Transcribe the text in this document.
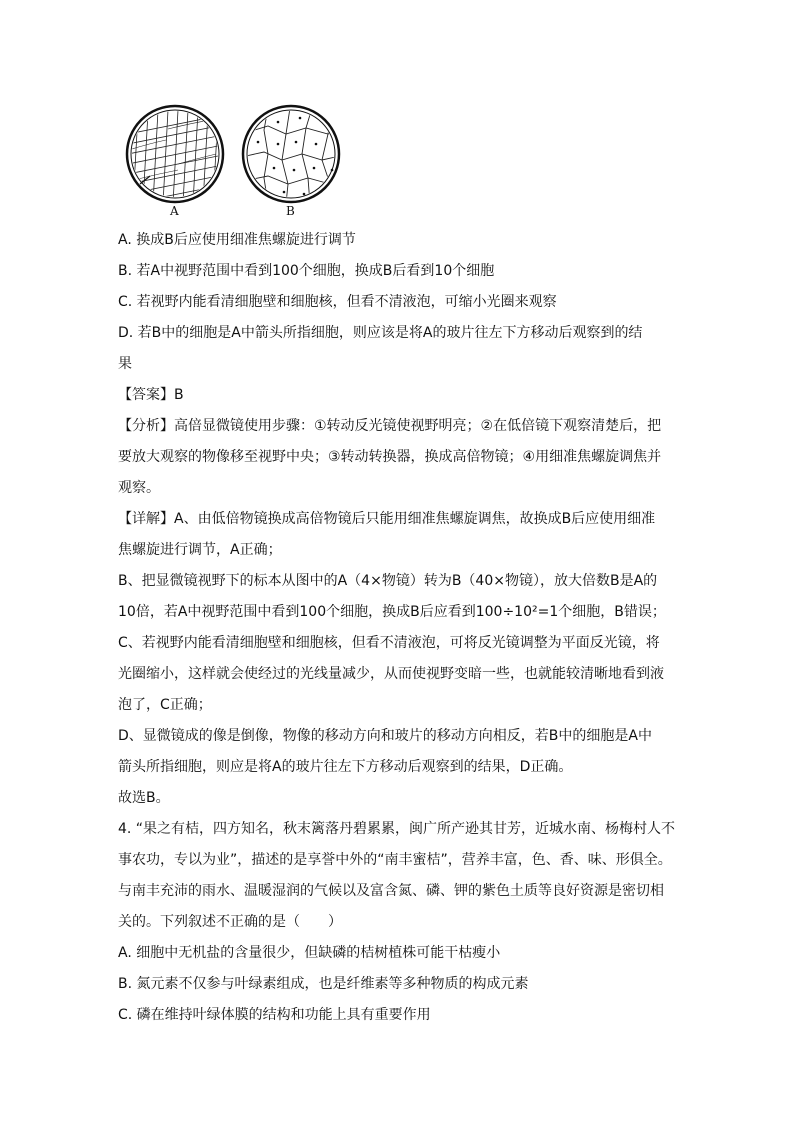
A	B
A. 换成B后应使用细准焦螺旋进行调节
B. 若A中视野范围中看到100个细胞，换成B后看到10个细胞
C. 若视野内能看清细胞壁和细胞核，但看不清液泡，可缩小光圈来观察
D. 若B中的细胞是A中箭头所指细胞，则应该是将A的玻片往左下方移动后观察到的结
果
【答案】B
【分析】高倍显微镜使用步骤：①转动反光镜使视野明亮；②在低倍镜下观察清楚后，把
要放大观察的物像移至视野中央；③转动转换器，换成高倍物镜；④用细准焦螺旋调焦并
观察。
【详解】A、由低倍物镜换成高倍物镜后只能用细准焦螺旋调焦，故换成B后应使用细准
焦螺旋进行调节，A正确；
B、把显微镜视野下的标本从图中的A（4×物镜）转为B（40×物镜），放大倍数B是A的
10倍，若A中视野范围中看到100个细胞，换成B后应看到100÷10²=1个细胞，B错误；
C、若视野内能看清细胞壁和细胞核，但看不清液泡，可将反光镜调整为平面反光镜，将
光圈缩小，这样就会使经过的光线量减少，从而使视野变暗一些，也就能较清晰地看到液
泡了，C正确；
D、显微镜成的像是倒像，物像的移动方向和玻片的移动方向相反，若B中的细胞是A中
箭头所指细胞，则应是将A的玻片往左下方移动后观察到的结果，D正确。
故选B。
4. “果之有桔，四方知名，秋末篱落丹碧累累，闽广所产逊其甘芳，近城水南、杨梅村人不
事农功，专以为业”，描述的是享誉中外的“南丰蜜桔”，营养丰富，色、香、味、形俱全。
与南丰充沛的雨水、温暖湿润的气候以及富含氮、磷、钾的紫色土质等良好资源是密切相
关的。下列叙述不正确的是（　　）
A. 细胞中无机盐的含量很少，但缺磷的桔树植株可能干枯瘦小
B. 氮元素不仅参与叶绿素组成，也是纤维素等多种物质的构成元素
C. 磷在维持叶绿体膜的结构和功能上具有重要作用
